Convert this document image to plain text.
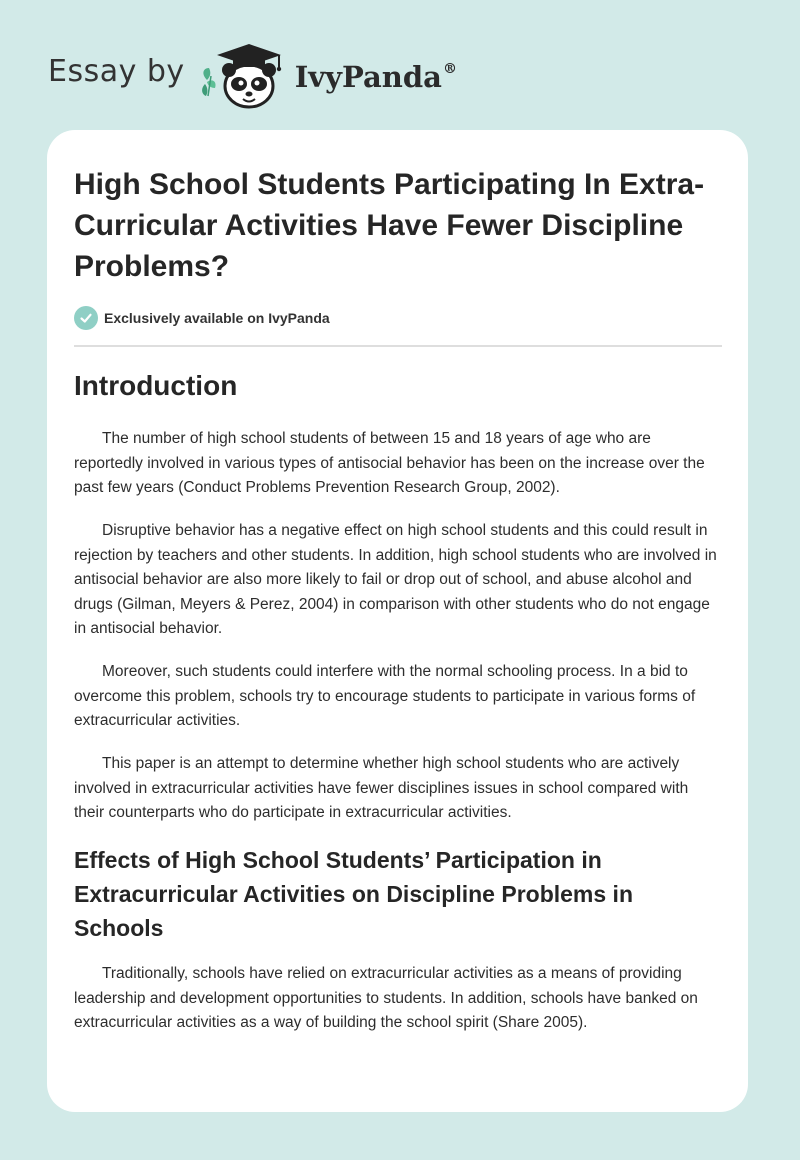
Essay by	IvyPanda®
High School Students Participating In Extra-Curricular Activities Have Fewer Discipline Problems?
Exclusively available on IvyPanda
Introduction

The number of high school students of between 15 and 18 years of age who are reportedly involved in various types of antisocial behavior has been on the increase over the past few years (Conduct Problems Prevention Research Group, 2002).

Disruptive behavior has a negative effect on high school students and this could result in rejection by teachers and other students. In addition, high school students who are involved in antisocial behavior are also more likely to fail or drop out of school, and abuse alcohol and drugs (Gilman, Meyers & Perez, 2004) in comparison with other students who do not engage in antisocial behavior.

Moreover, such students could interfere with the normal schooling process. In a bid to overcome this problem, schools try to encourage students to participate in various forms of extracurricular activities.

This paper is an attempt to determine whether high school students who are actively involved in extracurricular activities have fewer disciplines issues in school compared with their counterparts who do participate in extracurricular activities.

Effects of High School Students’ Participation in Extracurricular Activities on Discipline Problems in Schools

Traditionally, schools have relied on extracurricular activities as a means of providing leadership and development opportunities to students. In addition, schools have banked on extracurricular activities as a way of building the school spirit (Share 2005).
